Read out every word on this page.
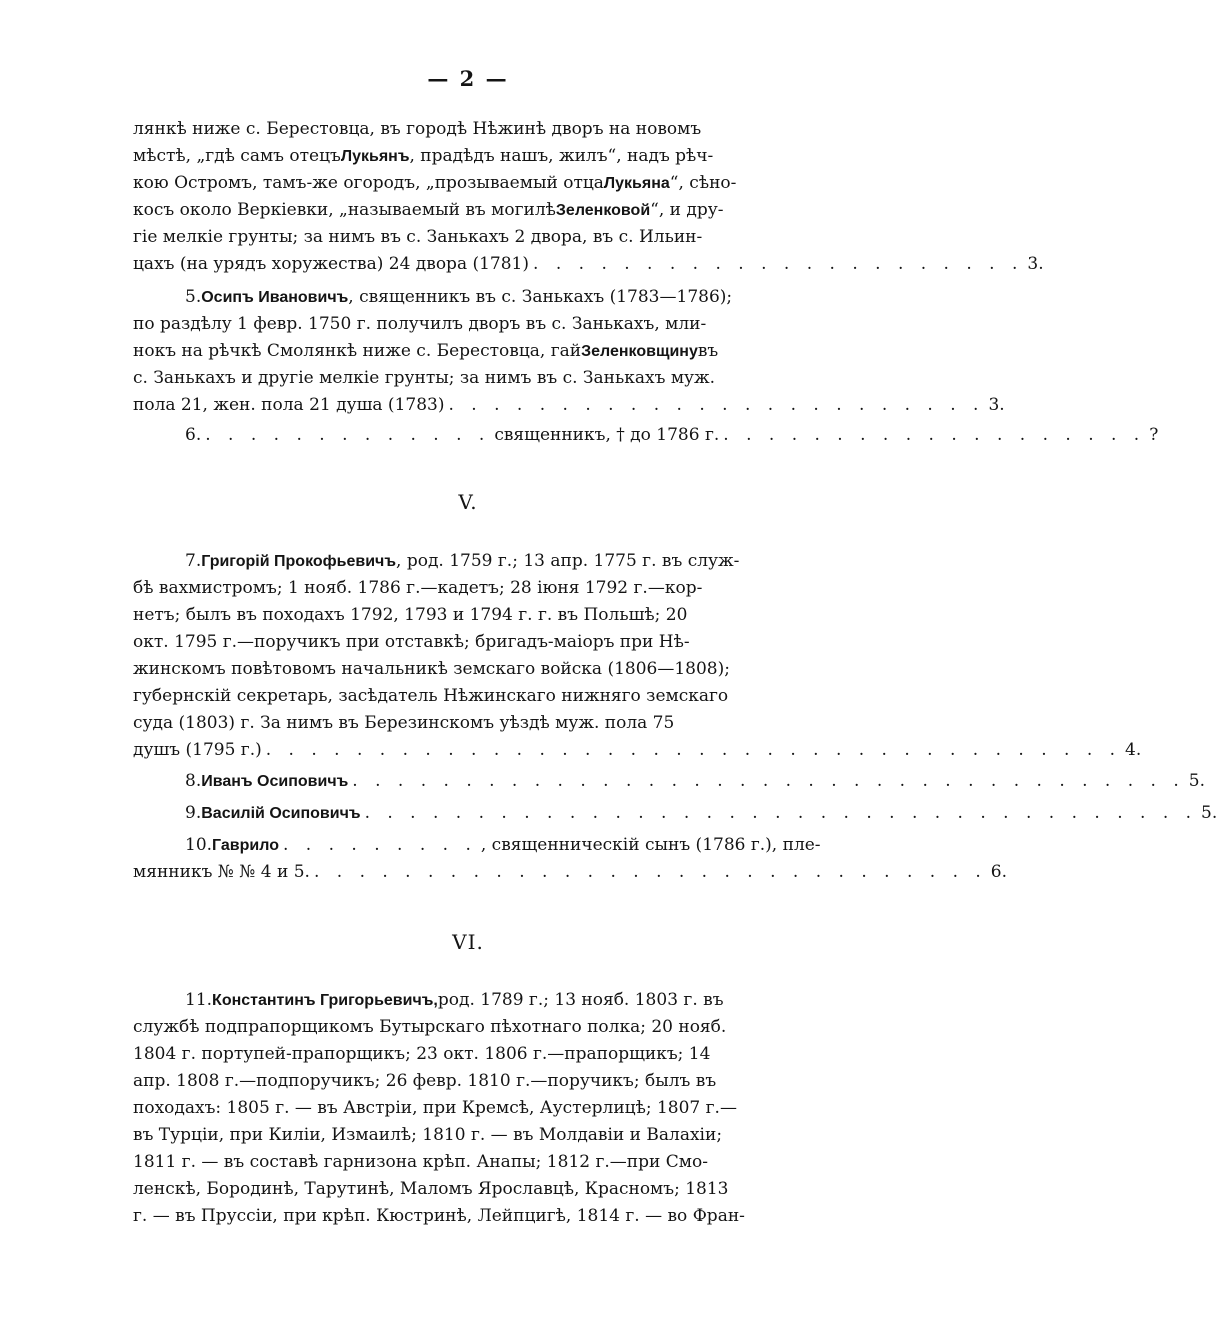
— 2 —
лянкѣ ниже с. Берестовца, въ городѣ Нѣжинѣ дворъ на новомъ
мѣстѣ, „гдѣ самъ отецъ Лукьянъ , прадѣдъ нашъ, жилъ“, надъ рѣч-
кою Остромъ, тамъ-же огородъ, „прозываемый отца Лукьяна “, сѣно-
косъ около Веркіевки, „называемый въ могилѣ Зеленковой “, и дру-
гіе мелкіе грунты; за нимъ въ с. Занькахъ 2 двора, въ с. Ильин-
цахъ (на урядъ хоружества) 24 двора (1781) . . . . . . . . . . . . . . . . . . . . . . 3.
5. Осипъ Ивановичъ , священникъ въ с. Занькахъ (1783—1786);
по раздѣлу 1 февр. 1750 г. получилъ дворъ въ с. Занькахъ, мли-
нокъ на рѣчкѣ Смолянкѣ ниже с. Берестовца, гай Зеленковщину въ
с. Занькахъ и другіе мелкіе грунты; за нимъ въ с. Занькахъ муж.
пола 21, жен. пола 21 душа (1783) . . . . . . . . . . . . . . . . . . . . . . . . 3.
6. . . . . . . . . . . . . . священникъ, † до 1786 г. . . . . . . . . . . . . . . . . . . . ?
V.
7. Григорій Прокофьевичъ , род. 1759 г.; 13 апр. 1775 г. въ служ-
бѣ вахмистромъ; 1 нояб. 1786 г.—кадетъ; 28 іюня 1792 г.—кор-
нетъ; былъ въ походахъ 1792, 1793 и 1794 г. г. въ Польшѣ; 20
окт. 1795 г.—поручикъ при отставкѣ; бригадъ-маіоръ при Нѣ-
жинскомъ повѣтовомъ начальникѣ земскаго войска (1806—1808);
губернскій секретарь, засѣдатель Нѣжинскаго нижняго земскаго
суда (1803) г. За нимъ въ Березинскомъ уѣздѣ муж. пола 75
душъ (1795 г.) . . . . . . . . . . . . . . . . . . . . . . . . . . . . . . . . . . . . . . 4.
8. Иванъ Осиповичъ . . . . . . . . . . . . . . . . . . . . . . . . . . . . . . . . . . . . . 5.
9. Василій Осиповичъ . . . . . . . . . . . . . . . . . . . . . . . . . . . . . . . . . . . . . 5.
10. Гаврило . . . . . . . . . , священническій сынъ (1786 г.), пле-
мянникъ № № 4 и 5. . . . . . . . . . . . . . . . . . . . . . . . . . . . . . . 6.
VI.
11. Константинъ Григорьевичъ, род. 1789 г.; 13 нояб. 1803 г. въ
службѣ подпрапорщикомъ Бутырскаго пѣхотнаго полка; 20 нояб.
1804 г. портупей-прапорщикъ; 23 окт. 1806 г.—прапорщикъ; 14
апр. 1808 г.—подпоручикъ; 26 февр. 1810 г.—поручикъ; былъ въ
походахъ: 1805 г. — въ Австріи, при Кремсѣ, Аустерлицѣ; 1807 г.—
въ Турціи, при Киліи, Измаилѣ; 1810 г. — въ Молдавіи и Валахіи;
1811 г. — въ составѣ гарнизона крѣп. Анапы; 1812 г.—при Смо-
ленскѣ, Бородинѣ, Тарутинѣ, Маломъ Ярославцѣ, Красномъ; 1813
г. — въ Пруссіи, при крѣп. Кюстринѣ, Лейпцигѣ, 1814 г. — во Фран-
